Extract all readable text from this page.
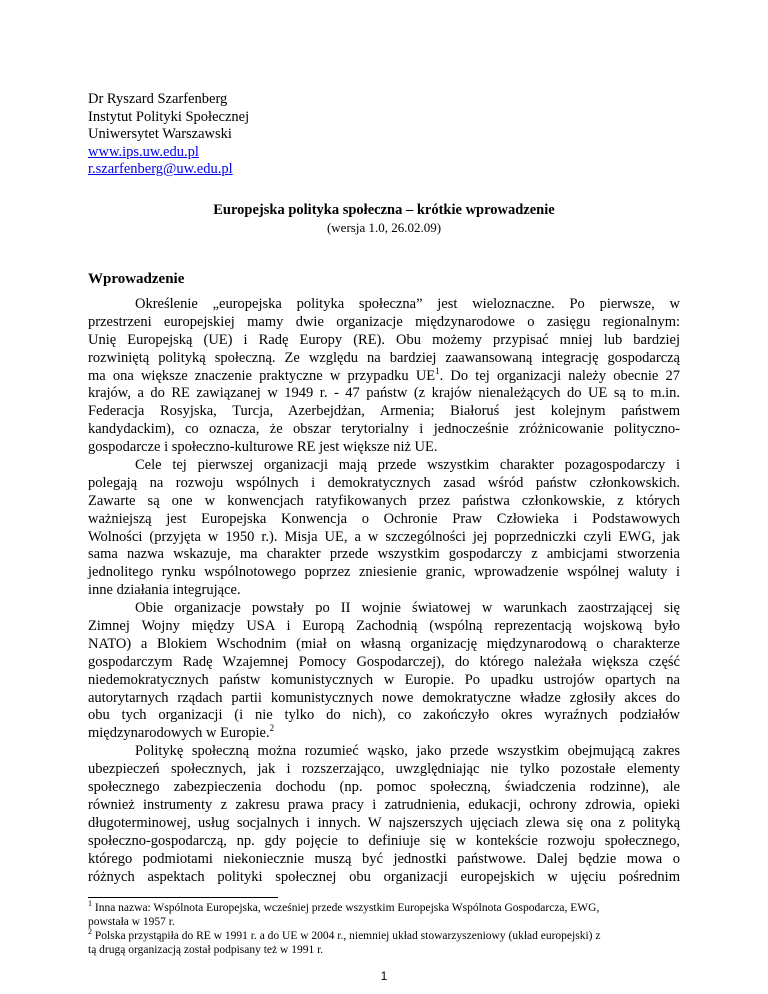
Dr Ryszard Szarfenberg
Instytut Polityki Społecznej
Uniwersytet Warszawski
www.ips.uw.edu.pl
r.szarfenberg@uw.edu.pl
Europejska polityka społeczna – krótkie wprowadzenie
(wersja 1.0, 26.02.09)
Wprowadzenie
Określenie „europejska polityka społeczna” jest wieloznaczne. Po pierwsze, w
przestrzeni europejskiej mamy dwie organizacje międzynarodowe o zasięgu regionalnym:
Unię Europejską (UE) i Radę Europy (RE). Obu możemy przypisać mniej lub bardziej
rozwiniętą polityką społeczną. Ze względu na bardziej zaawansowaną integrację gospodarczą
ma ona większe znaczenie praktyczne w przypadku $UE^1$. Do tej organizacji należy obecnie 27
krajów, a do RE zawiązanej w 1949 r. - 47 państw (z krajów nienależących do UE są to m.in.
Federacja Rosyjska, Turcja, Azerbejdżan, Armenia; Białoruś jest kolejnym państwem
kandydackim), co oznacza, że obszar terytorialny i jednocześnie zróżnicowanie polityczno-
gospodarcze i społeczno-kulturowe RE jest większe niż UE.
Cele tej pierwszej organizacji mają przede wszystkim charakter pozagospodarczy i
polegają na rozwoju wspólnych i demokratycznych zasad wśród państw członkowskich.
Zawarte są one w konwencjach ratyfikowanych przez państwa członkowskie, z których
ważniejszą jest Europejska Konwencja o Ochronie Praw Człowieka i Podstawowych
Wolności (przyjęta w 1950 r.). Misja UE, a w szczególności jej poprzedniczki czyli EWG, jak
sama nazwa wskazuje, ma charakter przede wszystkim gospodarczy z ambicjami stworzenia
jednolitego rynku wspólnotowego poprzez zniesienie granic, wprowadzenie wspólnej waluty i
inne działania integrujące.
Obie organizacje powstały po II wojnie światowej w warunkach zaostrzającej się
Zimnej Wojny między USA i Europą Zachodnią (wspólną reprezentacją wojskową było
NATO) a Blokiem Wschodnim (miał on własną organizację międzynarodową o charakterze
gospodarczym Radę Wzajemnej Pomocy Gospodarczej), do którego należała większa część
niedemokratycznych państw komunistycznych w Europie. Po upadku ustrojów opartych na
autorytarnych rządach partii komunistycznych nowe demokratyczne władze zgłosiły akces do
obu tych organizacji (i nie tylko do nich), co zakończyło okres wyraźnych podziałów
międzynarodowych w Europie.$^2$
Politykę społeczną można rozumieć wąsko, jako przede wszystkim obejmującą zakres
ubezpieczeń społecznych, jak i rozszerzająco, uwzględniając nie tylko pozostałe elementy
społecznego zabezpieczenia dochodu (np. pomoc społeczną, świadczenia rodzinne), ale
również instrumenty z zakresu prawa pracy i zatrudnienia, edukacji, ochrony zdrowia, opieki
długoterminowej, usług socjalnych i innych. W najszerszych ujęciach zlewa się ona z polityką
społeczno-gospodarczą, np. gdy pojęcie to definiuje się w kontekście rozwoju społecznego,
którego podmiotami niekoniecznie muszą być jednostki państwowe. Dalej będzie mowa o
różnych aspektach polityki społecznej obu organizacji europejskich w ujęciu pośrednim
$^1$ Inna nazwa: Wspólnota Europejska, wcześniej przede wszystkim Europejska Wspólnota Gospodarcza, EWG,
powstała w 1957 r.
$^2$ Polska przystąpiła do RE w 1991 r. a do UE w 2004 r., niemniej układ stowarzyszeniowy (układ europejski) z
tą drugą organizacją został podpisany też w 1991 r.
1
